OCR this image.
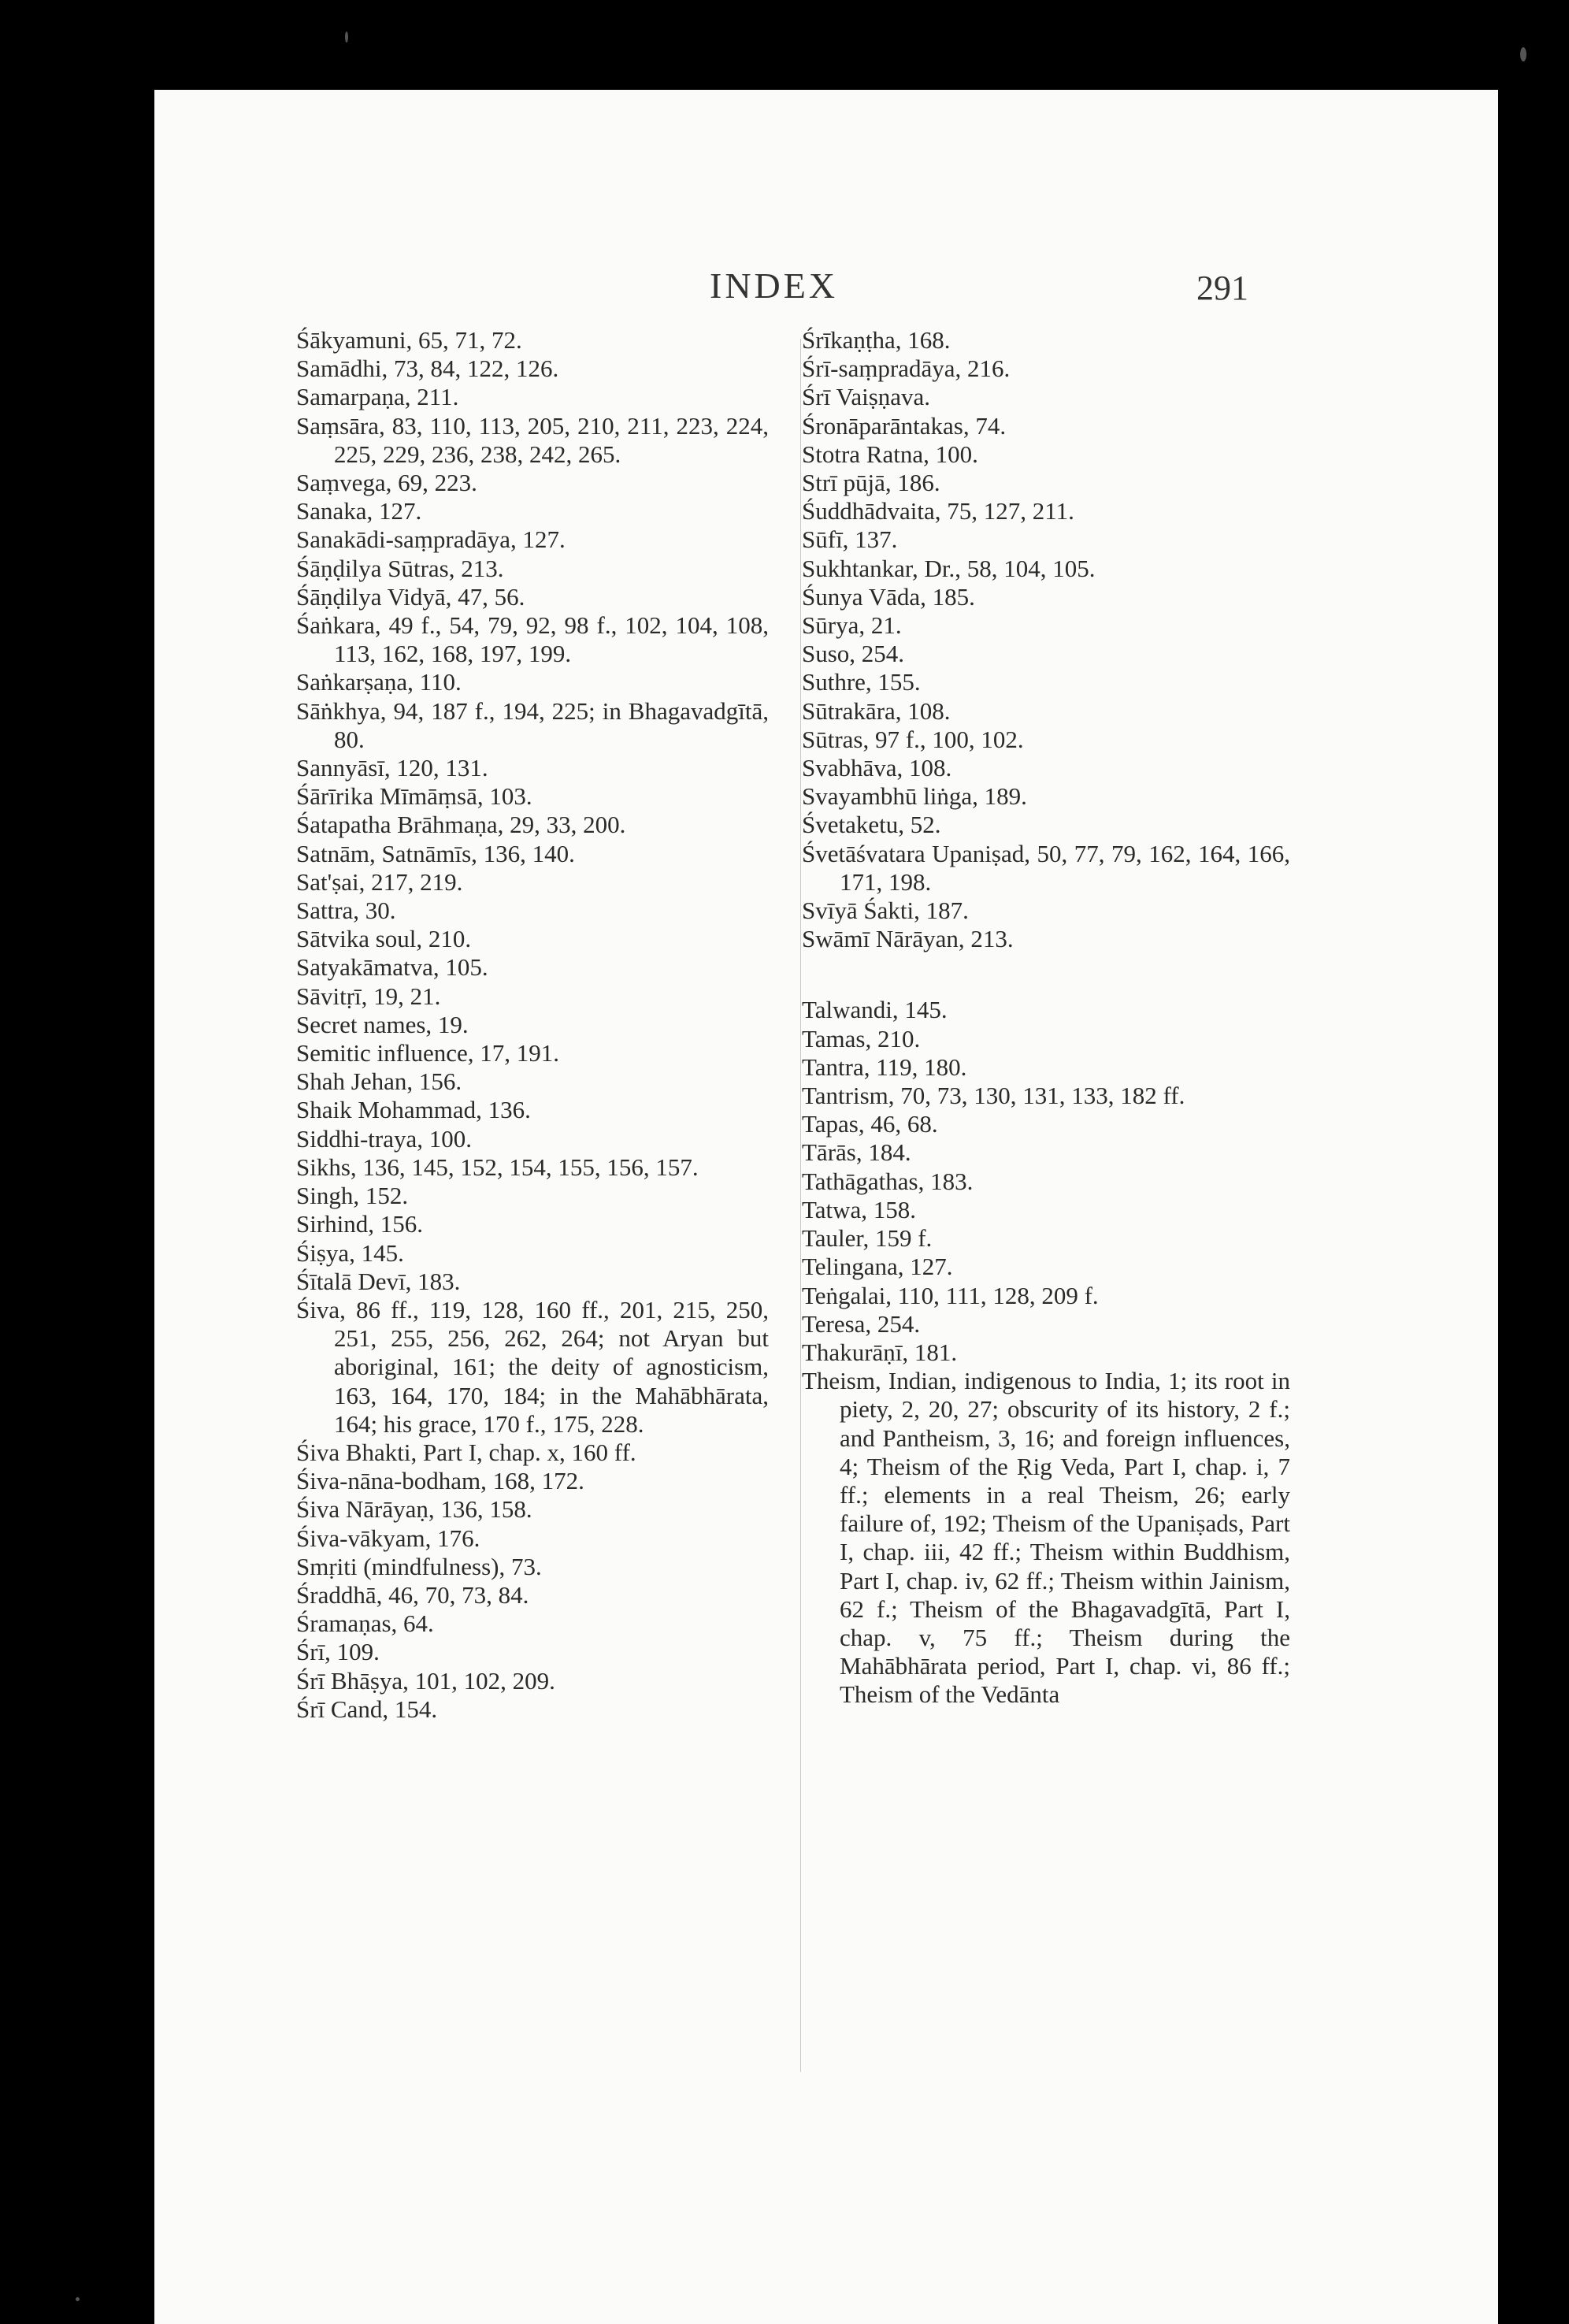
INDEX	291
Śākyamuni, 65, 71, 72.
Samādhi, 73, 84, 122, 126.
Samarpaṇa, 211.
Saṃsāra, 83, 110, 113, 205, 210, 211, 223, 224, 225, 229, 236, 238, 242, 265.
Saṃvega, 69, 223.
Sanaka, 127.
Sanakādi-saṃpradāya, 127.
Śāṇḍilya Sūtras, 213.
Śāṇḍilya Vidyā, 47, 56.
Śaṅkara, 49 f., 54, 79, 92, 98 f., 102, 104, 108, 113, 162, 168, 197, 199.
Saṅkarṣaṇa, 110.
Sāṅkhya, 94, 187 f., 194, 225; in Bhagavadgītā, 80.
Sannyāsī, 120, 131.
Śārīrika Mīmāṃsā, 103.
Śatapatha Brāhmaṇa, 29, 33, 200.
Satnām, Satnāmīs, 136, 140.
Sat'ṣai, 217, 219.
Sattra, 30.
Sātvika soul, 210.
Satyakāmatva, 105.
Sāvitṛī, 19, 21.
Secret names, 19.
Semitic influence, 17, 191.
Shah Jehan, 156.
Shaik Mohammad, 136.
Siddhi-traya, 100.
Sikhs, 136, 145, 152, 154, 155, 156, 157.
Singh, 152.
Sirhind, 156.
Śiṣya, 145.
Śītalā Devī, 183.
Śiva, 86 ff., 119, 128, 160 ff., 201, 215, 250, 251, 255, 256, 262, 264; not Aryan but aboriginal, 161; the deity of agnosticism, 163, 164, 170, 184; in the Mahābhārata, 164; his grace, 170 f., 175, 228.
Śiva Bhakti, Part I, chap. x, 160 ff.
Śiva-nāna-bodham, 168, 172.
Śiva Nārāyaṇ, 136, 158.
Śiva-vākyam, 176.
Smṛiti (mindfulness), 73.
Śraddhā, 46, 70, 73, 84.
Śramaṇas, 64.
Śrī, 109.
Śrī Bhāṣya, 101, 102, 209.
Śrī Cand, 154.
Śrīkaṇṭha, 168.
Śrī-saṃpradāya, 216.
Śrī Vaiṣṇava.
Śronāparāntakas, 74.
Stotra Ratna, 100.
Strī pūjā, 186.
Śuddhādvaita, 75, 127, 211.
Sūfī, 137.
Sukhtankar, Dr., 58, 104, 105.
Śunya Vāda, 185.
Sūrya, 21.
Suso, 254.
Suthre, 155.
Sūtrakāra, 108.
Sūtras, 97 f., 100, 102.
Svabhāva, 108.
Svayambhū liṅga, 189.
Śvetaketu, 52.
Śvetāśvatara Upaniṣad, 50, 77, 79, 162, 164, 166, 171, 198.
Svīyā Śakti, 187.
Swāmī Nārāyan, 213.
Talwandi, 145.
Tamas, 210.
Tantra, 119, 180.
Tantrism, 70, 73, 130, 131, 133, 182 ff.
Tapas, 46, 68.
Tārās, 184.
Tathāgathas, 183.
Tatwa, 158.
Tauler, 159 f.
Telingana, 127.
Teṅgalai, 110, 111, 128, 209 f.
Teresa, 254.
Thakurāṇī, 181.
Theism, Indian, indigenous to India, 1; its root in piety, 2, 20, 27; obscurity of its history, 2 f.; and Pantheism, 3, 16; and foreign influences, 4; Theism of the Ṛig Veda, Part I, chap. i, 7 ff.; elements in a real Theism, 26; early failure of, 192; Theism of the Upaniṣads, Part I, chap. iii, 42 ff.; Theism within Buddhism, Part I, chap. iv, 62 ff.; Theism within Jainism, 62 f.; Theism of the Bhagavadgītā, Part I, chap. v, 75 ff.; Theism during the Mahābhārata period, Part I, chap. vi, 86 ff.; Theism of the Vedānta
